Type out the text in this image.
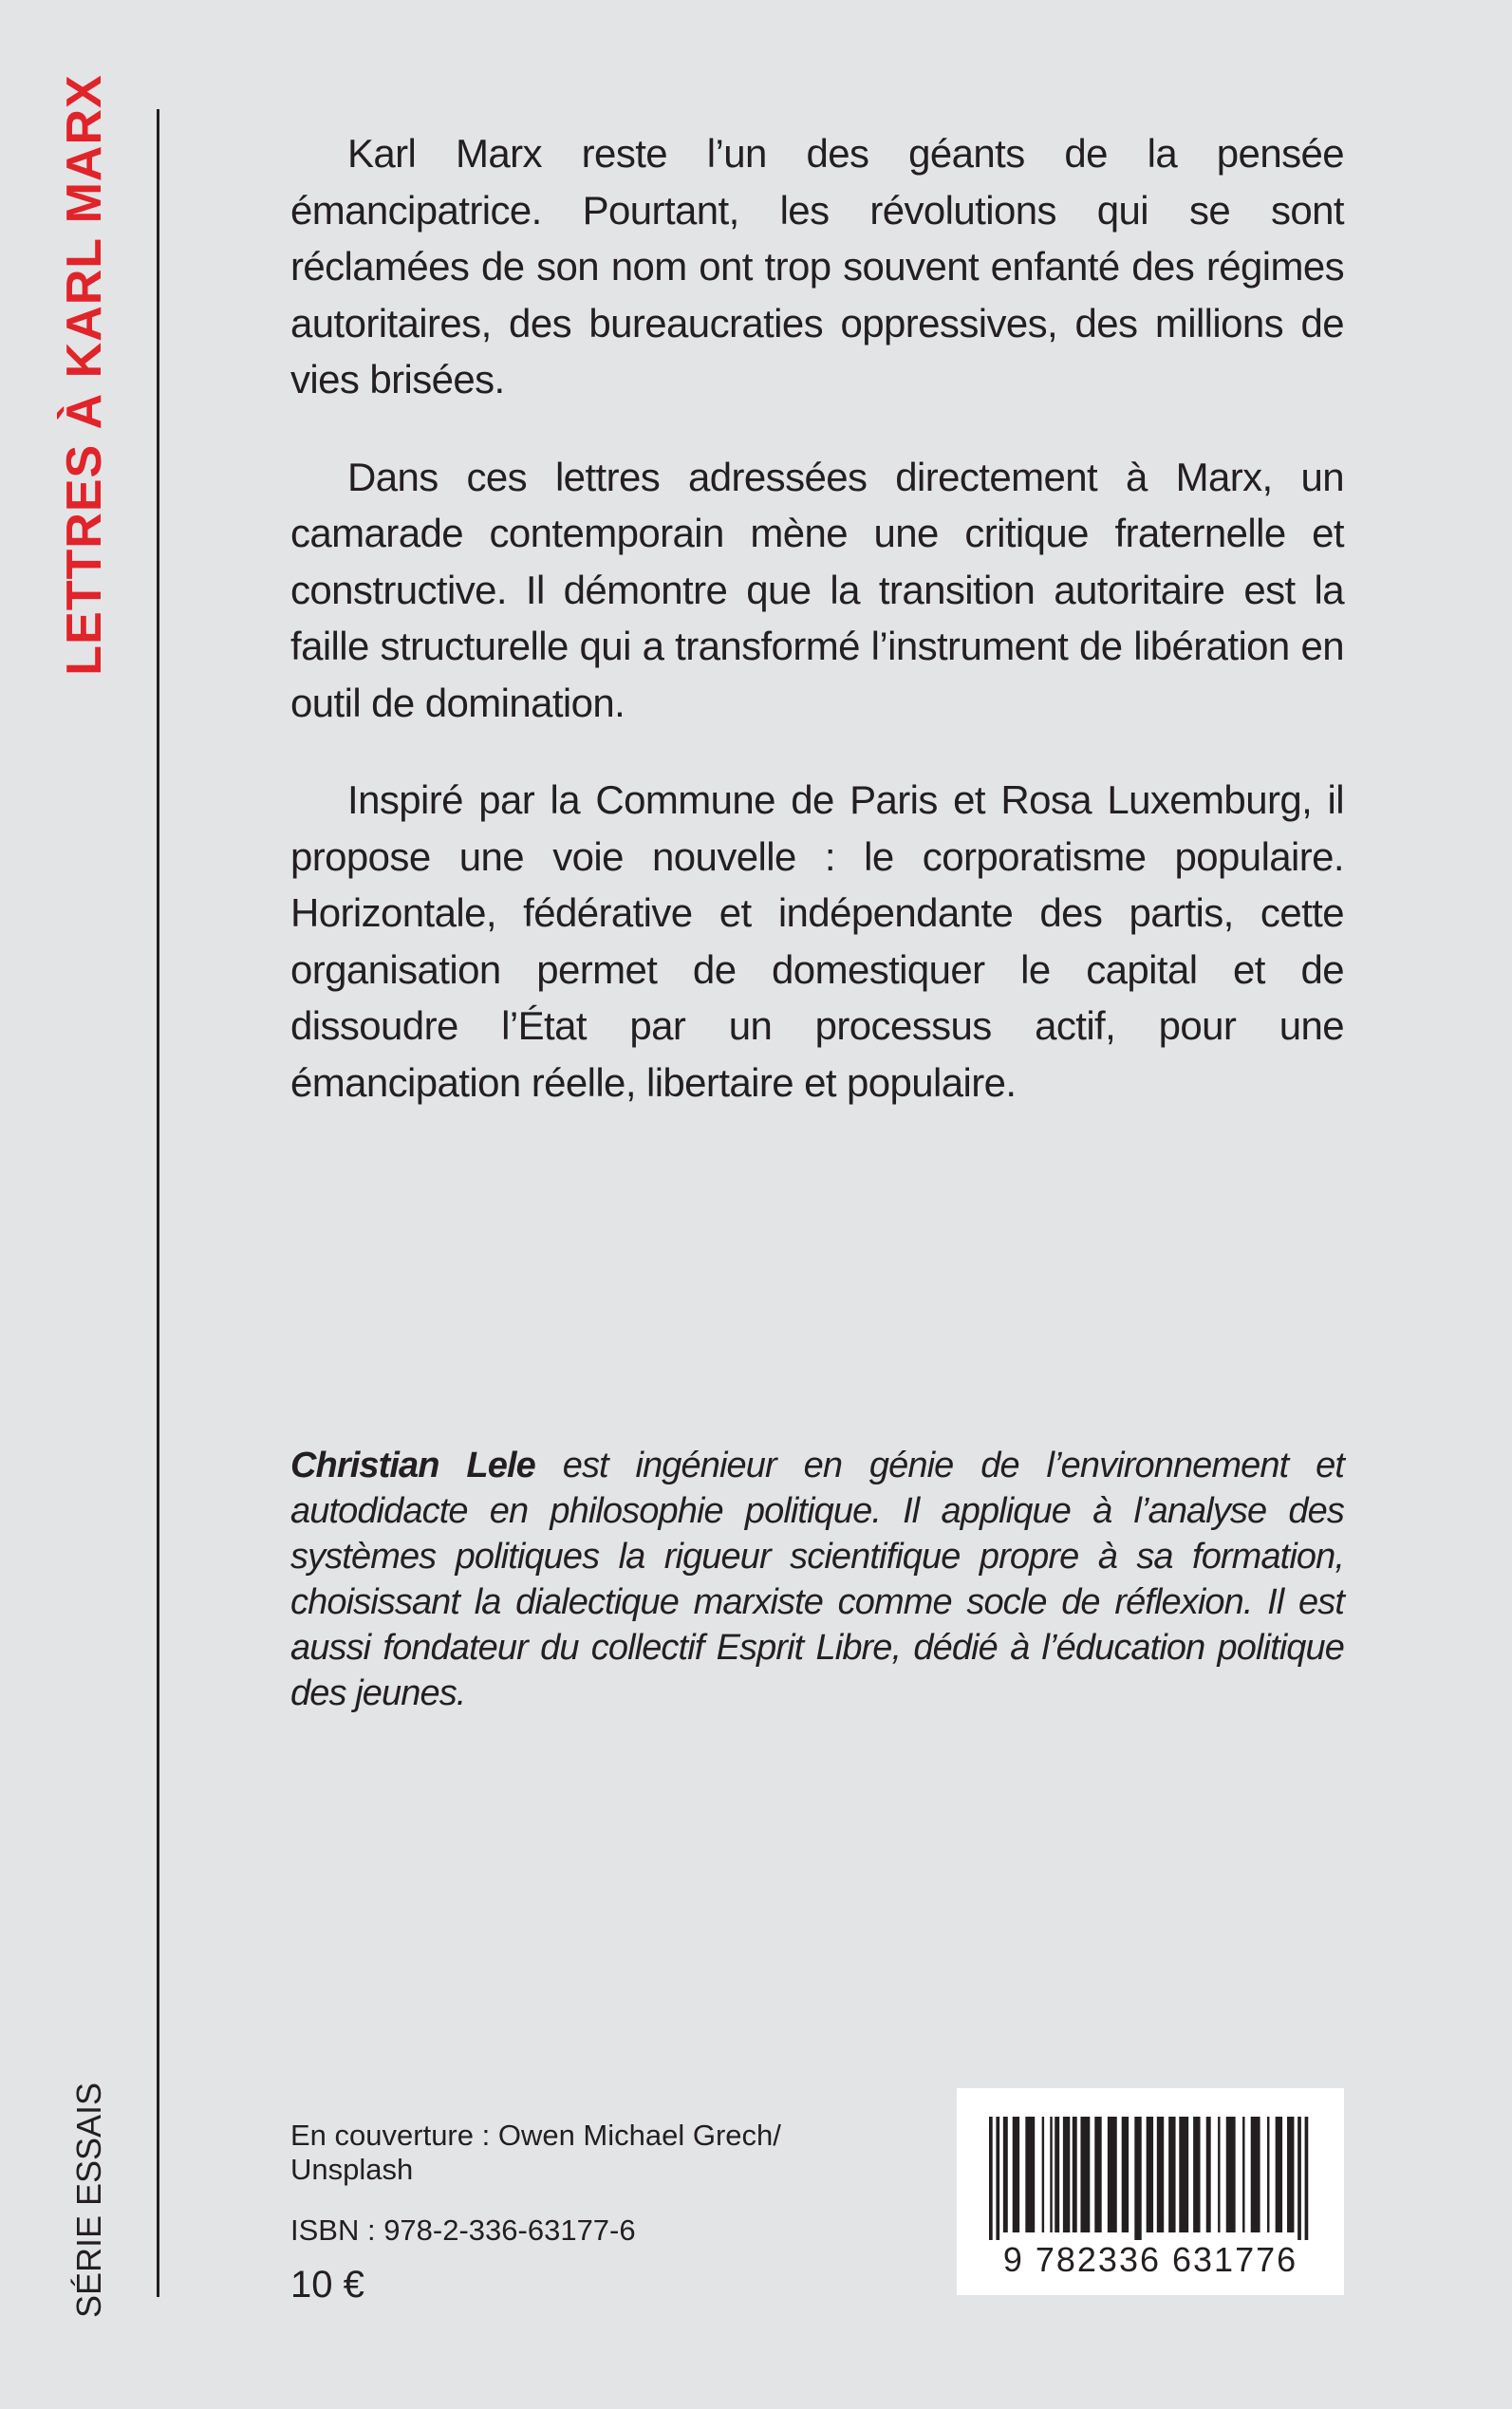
LETTRES À KARL MARX
SÉRIE ESSAIS

Karl Marx reste l’un des géants de la pensée émancipatrice. Pourtant, les révolutions qui se sont réclamées de son nom ont trop souvent enfanté des régimes autoritaires, des bureaucraties oppressives, des millions de vies brisées.

Dans ces lettres adressées directement à Marx, un camarade contemporain mène une critique fraternelle et constructive. Il démontre que la transition autoritaire est la faille structurelle qui a transformé l’instrument de libération en outil de domination.

Inspiré par la Commune de Paris et Rosa Luxemburg, il propose une voie nouvelle : le corporatisme populaire. Horizontale, fédérative et indépendante des partis, cette organisation permet de domestiquer le capital et de dissoudre l’État par un processus actif, pour une émancipation réelle, libertaire et populaire.

Christian Lele est ingénieur en génie de l’environnement et autodidacte en philosophie politique. Il applique à l’analyse des systèmes politiques la rigueur scientifique propre à sa formation, choisissant la dialectique marxiste comme socle de réflexion. Il est aussi fondateur du collectif Esprit Libre, dédié à l’éducation politique des jeunes.

En couverture : Owen Michael Grech/ Unsplash
ISBN : 978-2-336-63177-6
10 €
9 782336 631776
